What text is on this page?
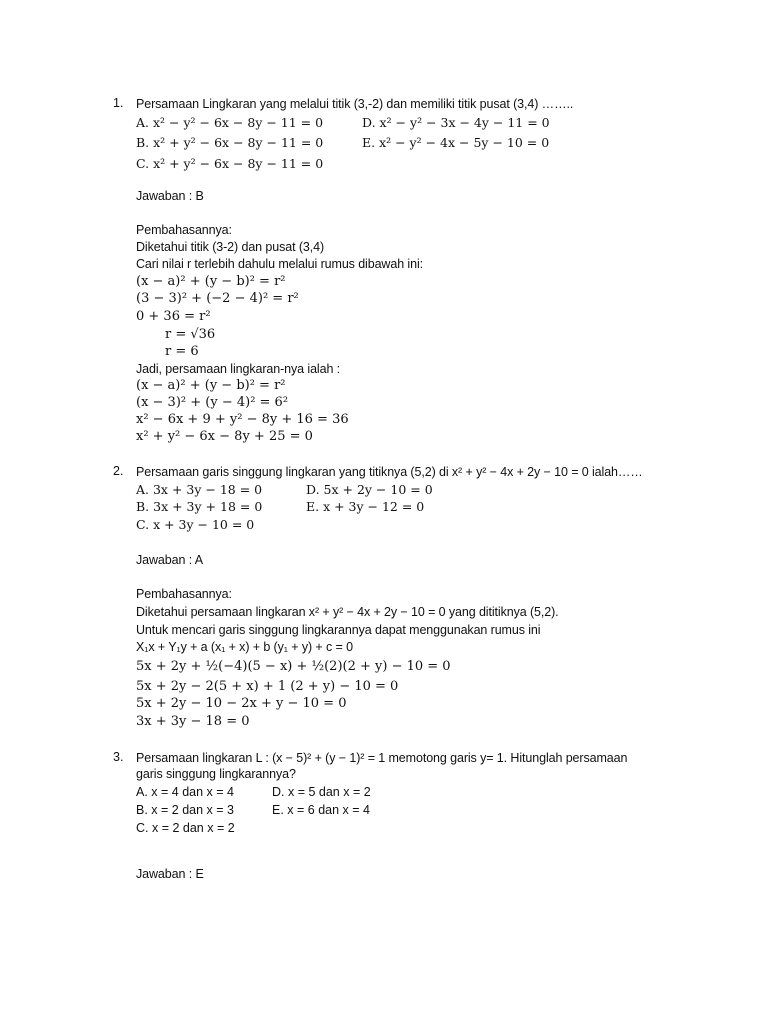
1. Persamaan Lingkaran yang melalui titik (3,-2) dan memiliki titik pusat (3,4) ……..
A. x² − y² − 6x − 8y − 11 = 0	D. x² − y² − 3x − 4y − 11 = 0
B. x² + y² − 6x − 8y − 11 = 0	E. x² − y² − 4x − 5y − 10 = 0
C. x² + y² − 6x − 8y − 11 = 0
Jawaban : B
Pembahasannya:
Diketahui titik (3-2) dan pusat (3,4)
Cari nilai r terlebih dahulu melalui rumus dibawah ini:
(x − a)² + (y − b)² = r²
(3 − 3)² + (−2 − 4)² = r²
0 + 36 = r²
r = √36
r = 6
Jadi, persamaan lingkaran-nya ialah :
(x − a)² + (y − b)² = r²
(x − 3)² + (y − 4)² = 6²
x² − 6x + 9 + y² − 8y + 16 = 36
x² + y² − 6x − 8y + 25 = 0
2. Persamaan garis singgung lingkaran yang titiknya (5,2) di x² + y² − 4x + 2y − 10 = 0 ialah……
A. 3x + 3y − 18 = 0	D. 5x + 2y − 10 = 0
B. 3x + 3y + 18 = 0	E. x + 3y − 12 = 0
C. x + 3y − 10 = 0
Jawaban : A
Pembahasannya:
Diketahui persamaan lingkaran x² + y² − 4x + 2y − 10 = 0 yang dititiknya (5,2).
Untuk mencari garis singgung lingkarannya dapat menggunakan rumus ini
X₁x + Y₁y + a (x₁ + x) + b (y₁ + y) + c = 0
5x + 2y + ½(−4)(5 − x) + ½(2)(2 + y) − 10 = 0
5x + 2y − 2(5 + x) + 1 (2 + y) − 10 = 0
5x + 2y − 10 − 2x + y − 10 = 0
3x + 3y − 18 = 0
3. Persamaan lingkaran L : (x − 5)² + (y − 1)² = 1 memotong garis y= 1. Hitunglah persamaan
garis singgung lingkarannya?
A. x = 4 dan x = 4	D. x = 5 dan x = 2
B. x = 2 dan x = 3	E. x = 6 dan x = 4
C. x = 2 dan x = 2
Jawaban : E
